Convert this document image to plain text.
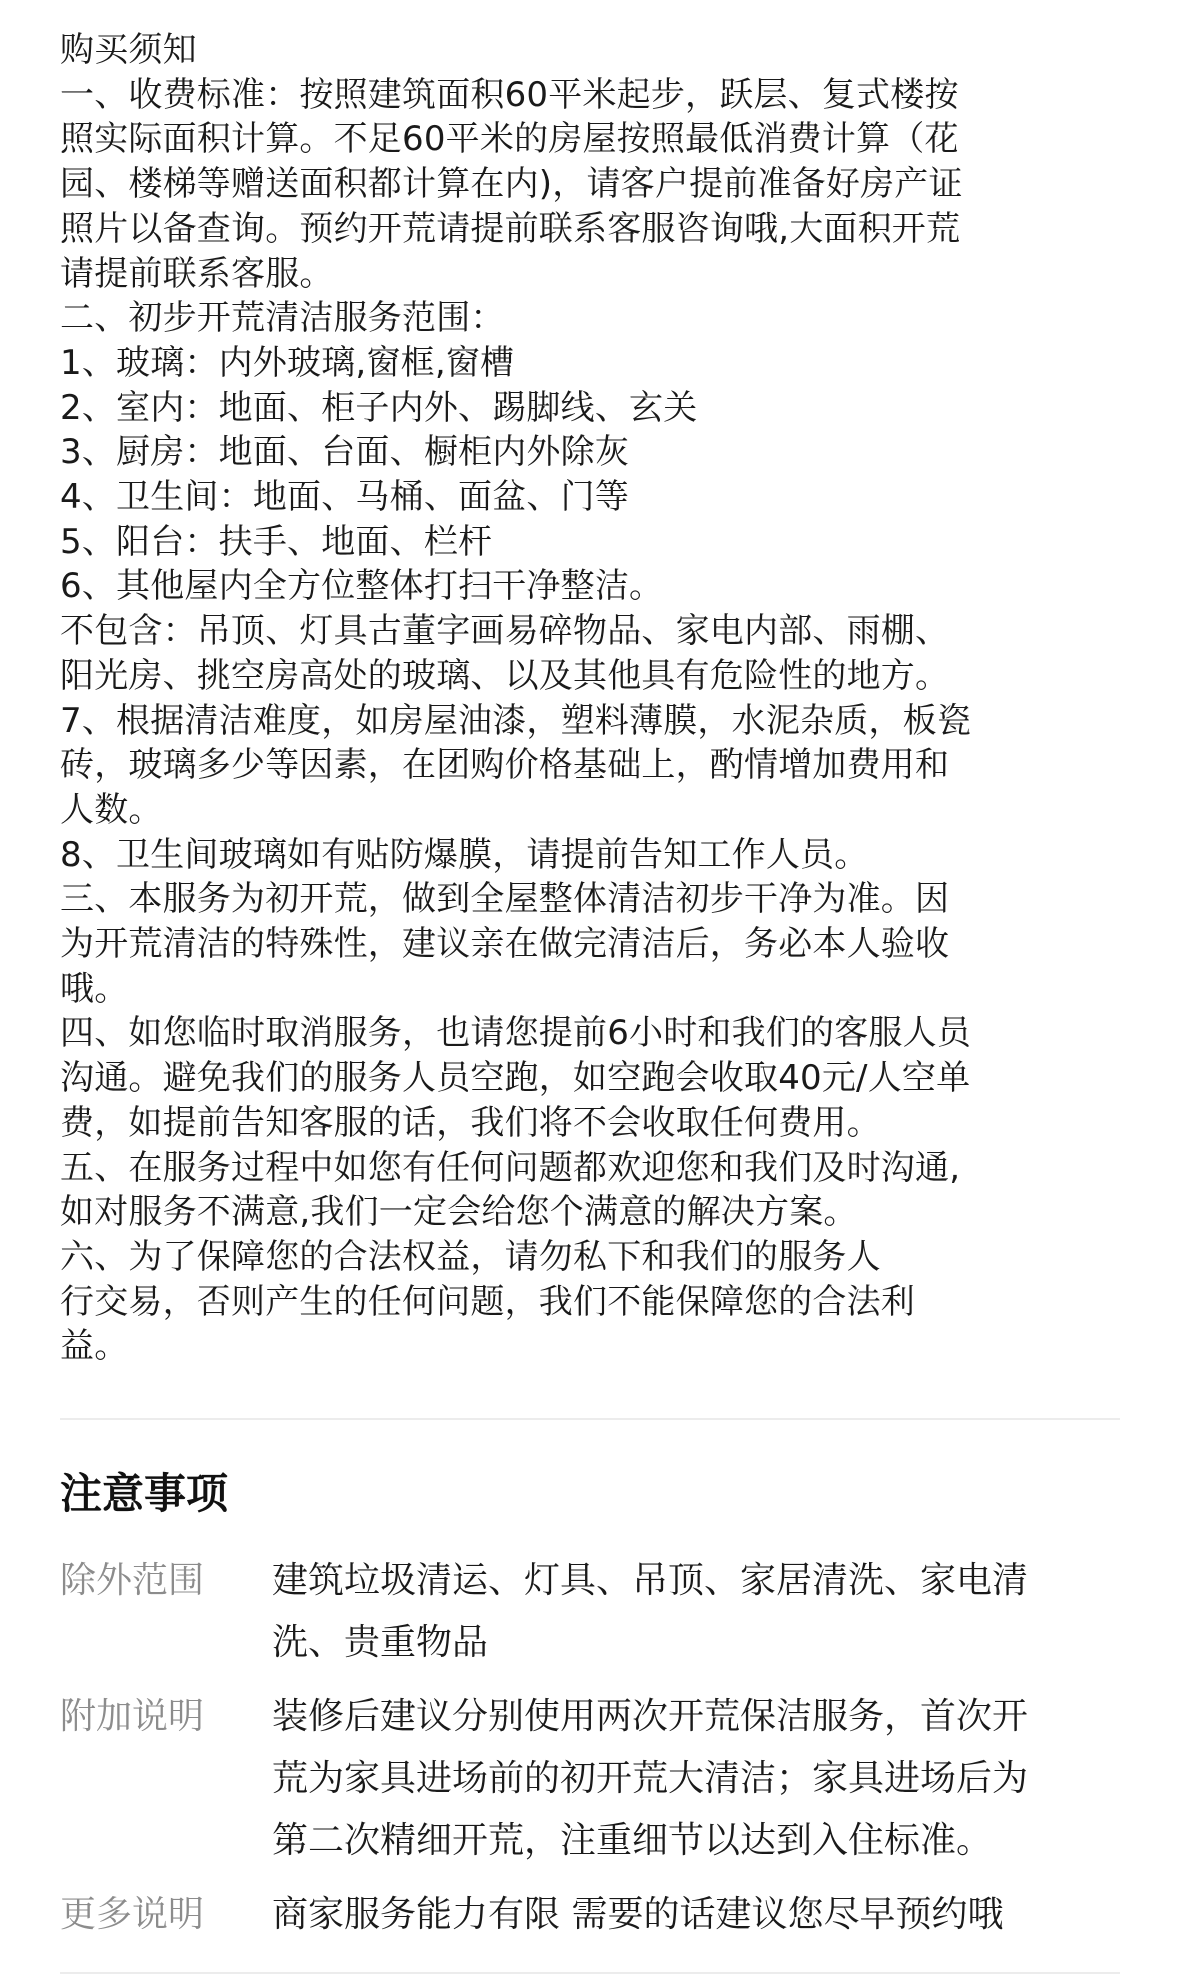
购买须知
一、收费标准：按照建筑面积60平米起步，跃层、复式楼按
照实际面积计算。不足60平米的房屋按照最低消费计算（花
园、楼梯等赠送面积都计算在内)，请客户提前准备好房产证
照片以备查询。预约开荒请提前联系客服咨询哦,大面积开荒
请提前联系客服。
二、初步开荒清洁服务范围：
1、玻璃：内外玻璃,窗框,窗槽
2、室内：地面、柜子内外、踢脚线、玄关
3、厨房：地面、台面、橱柜内外除灰
4、卫生间：地面、马桶、面盆、门等
5、阳台：扶手、地面、栏杆
6、其他屋内全方位整体打扫干净整洁。
不包含：吊顶、灯具古董字画易碎物品、家电内部、雨棚、
阳光房、挑空房高处的玻璃、以及其他具有危险性的地方。
7、根据清洁难度，如房屋油漆，塑料薄膜，水泥杂质，板瓷
砖，玻璃多少等因素，在团购价格基础上，酌情增加费用和
人数。
8、卫生间玻璃如有贴防爆膜，请提前告知工作人员。
三、本服务为初开荒，做到全屋整体清洁初步干净为准。因
为开荒清洁的特殊性，建议亲在做完清洁后，务必本人验收
哦。
四、如您临时取消服务，也请您提前6小时和我们的客服人员
沟通。避免我们的服务人员空跑，如空跑会收取40元/人空单
费，如提前告知客服的话，我们将不会收取任何费用。
五、在服务过程中如您有任何问题都欢迎您和我们及时沟通,
如对服务不满意,我们一定会给您个满意的解决方案。
六、为了保障您的合法权益，请勿私下和我们的服务人
行交易，否则产生的任何问题，我们不能保障您的合法利
益。
注意事项
除外范围 建筑垃圾清运、灯具、吊顶、家居清洗、家电清
洗、贵重物品
附加说明 装修后建议分别使用两次开荒保洁服务，首次开
荒为家具进场前的初开荒大清洁；家具进场后为
第二次精细开荒，注重细节以达到入住标准。
更多说明 商家服务能力有限 需要的话建议您尽早预约哦
